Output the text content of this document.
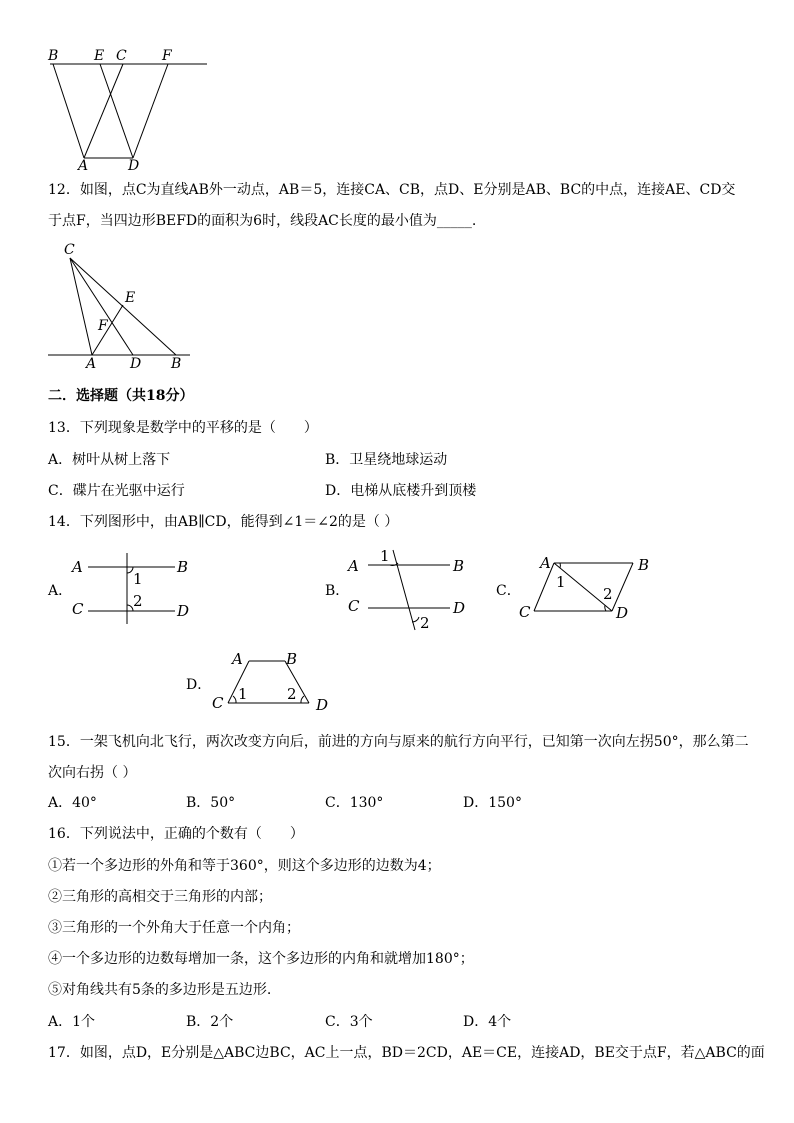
B	E C	F
A	D
12．如图，点C为直线AB外一动点，AB＝5，连接CA、CB，点D、E分别是AB、BC的中点，连接AE、CD交
于点F，当四边形BEFD的面积为6时，线段AC长度的最小值为_____.
C
E
F
A D B
二．选择题（共18分）
13．下列现象是数学中的平移的是（　　）
A．树叶从树上落下	B．卫星绕地球运动
C．碟片在光驱中运行	D．电梯从底楼升到顶楼
14．下列图形中，由AB∥CD，能得到∠1＝∠2的是（ ）
A．
A	B
1
2
C	D
B．
1
A	B
C	D
2
C．
A	B
1
2
C	D
D．
A	B
1	2
C	D
15．一架飞机向北飞行，两次改变方向后，前进的方向与原来的航行方向平行，已知第一次向左拐50°，那么第二
次向右拐（ ）
A．40°	B．50°	C．130°	D．150°
16．下列说法中，正确的个数有（　　）
①若一个多边形的外角和等于360°，则这个多边形的边数为4；
②三角形的高相交于三角形的内部；
③三角形的一个外角大于任意一个内角；
④一个多边形的边数每增加一条，这个多边形的内角和就增加180°；
⑤对角线共有5条的多边形是五边形.
A．1个	B．2个	C．3个	D．4个
17．如图，点D，E分别是△ABC边BC，AC上一点，BD＝2CD，AE＝CE，连接AD，BE交于点F，若△ABC的面
